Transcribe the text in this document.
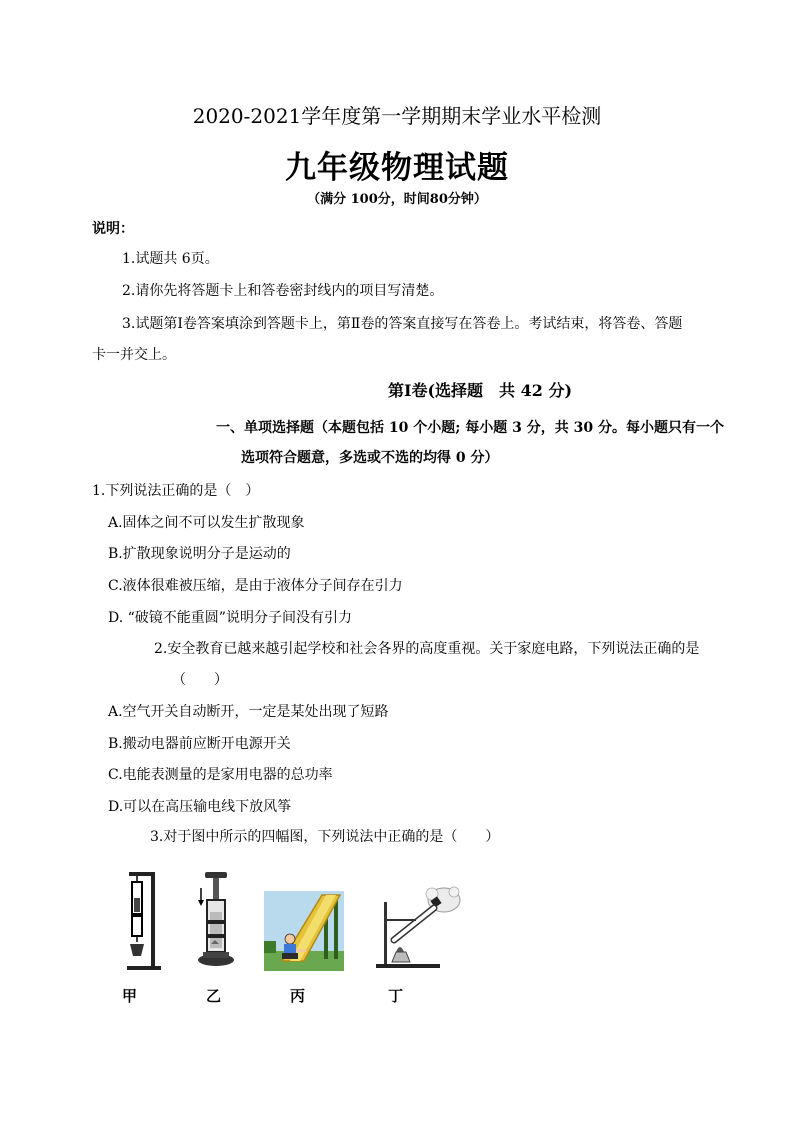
2020-2021学年度第一学期期末学业水平检测
九年级物理试题
（满分 100分，时间80分钟）
说明：
1.试题共 6页。
2.请你先将答题卡上和答卷密封线内的项目写清楚。
3.试题第Ⅰ卷答案填涂到答题卡上，第Ⅱ卷的答案直接写在答卷上。考试结束，将答卷、答题
卡一并交上。
第Ⅰ卷(选择题　共 42 分)
一、单项选择题（本题包括 10 个小题; 每小题 3 分，共 30 分。每小题只有一个
选项符合题意，多选或不选的均得 0 分）
1.下列说法正确的是（　）
A.固体之间不可以发生扩散现象
B.扩散现象说明分子是运动的
C.液体很难被压缩，是由于液体分子间存在引力
D. “破镜不能重圆”说明分子间没有引力
2.安全教育已越来越引起学校和社会各界的高度重视。关于家庭电路，下列说法正确的是
（　　）
A.空气开关自动断开，一定是某处出现了短路
B.搬动电器前应断开电源开关
C.电能表测量的是家用电器的总功率
D.可以在高压输电线下放风筝
3.对于图中所示的四幅图，下列说法中正确的是（　　）
甲	乙	丙	丁
